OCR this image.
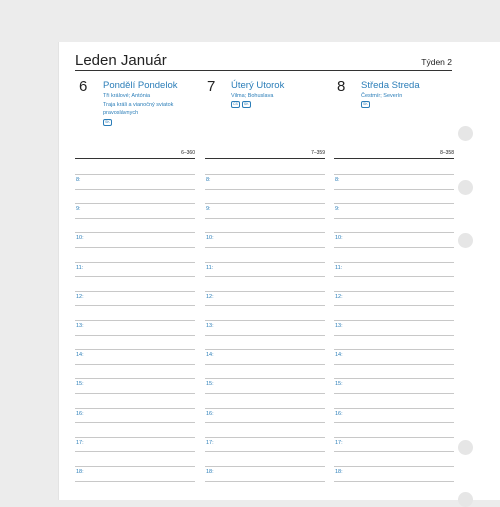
Leden Január	Týden 2
6 Pondělí Pondelok
Tři králové; Antónia
Traja králi a vianočný sviatok
pravoslávnych
SK
7 Úterý Utorok
Vilma; Bohuslava
CS	SK
8 Středa Streda
Čestmír; Severín
SK
6–360	7–359	8–358
8:	8:	8:
9:	9:	9:
10:	10:	10:
11:	11:	11:
12:	12:	12:
13:	13:	13:
14:	14:	14:
15:	15:	15:
16:	16:	16:
17:	17:	17:
18:	18:	18:
